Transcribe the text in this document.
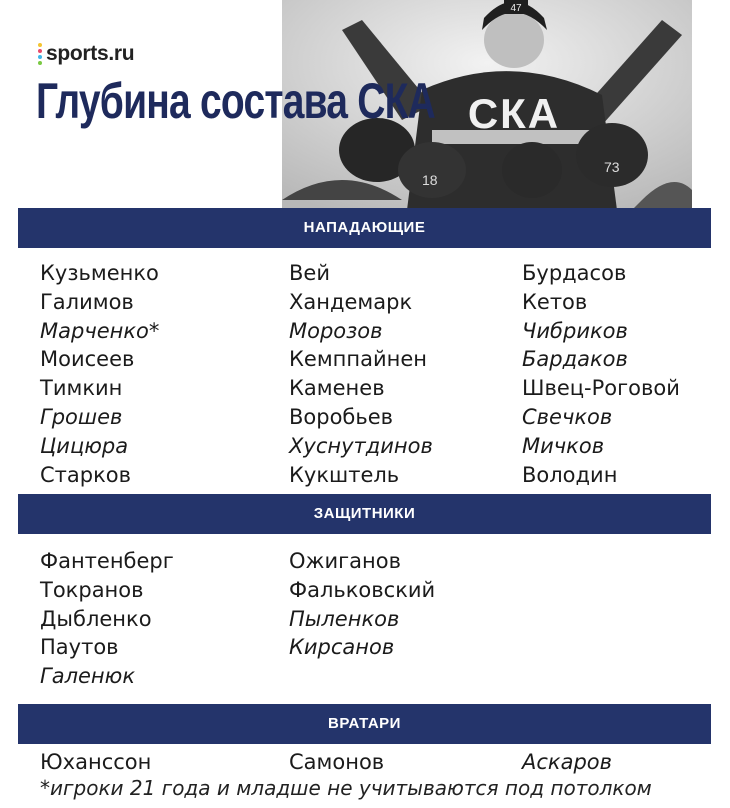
47
СКА
18
73
sports.ru
Глубина состава СКА
НАПАДАЮЩИЕ
Кузьменко
Галимов
Марченко*
Моисеев
Тимкин
Грошев
Цицюра
Старков
Вей
Хандемарк
Морозов
Кемппайнен
Каменев
Воробьев
Хуснутдинов
Кукштель
Бурдасов
Кетов
Чибриков
Бардаков
Швец-Роговой
Свечков
Мичков
Володин
ЗАЩИТНИКИ
Фантенберг
Токранов
Дыбленко
Паутов
Галенюк
Ожиганов
Фальковский
Пыленков
Кирсанов
ВРАТАРИ
Юханссон	Самонов	Аскаров
*игроки 21 года и младше не учитываются под потолком
